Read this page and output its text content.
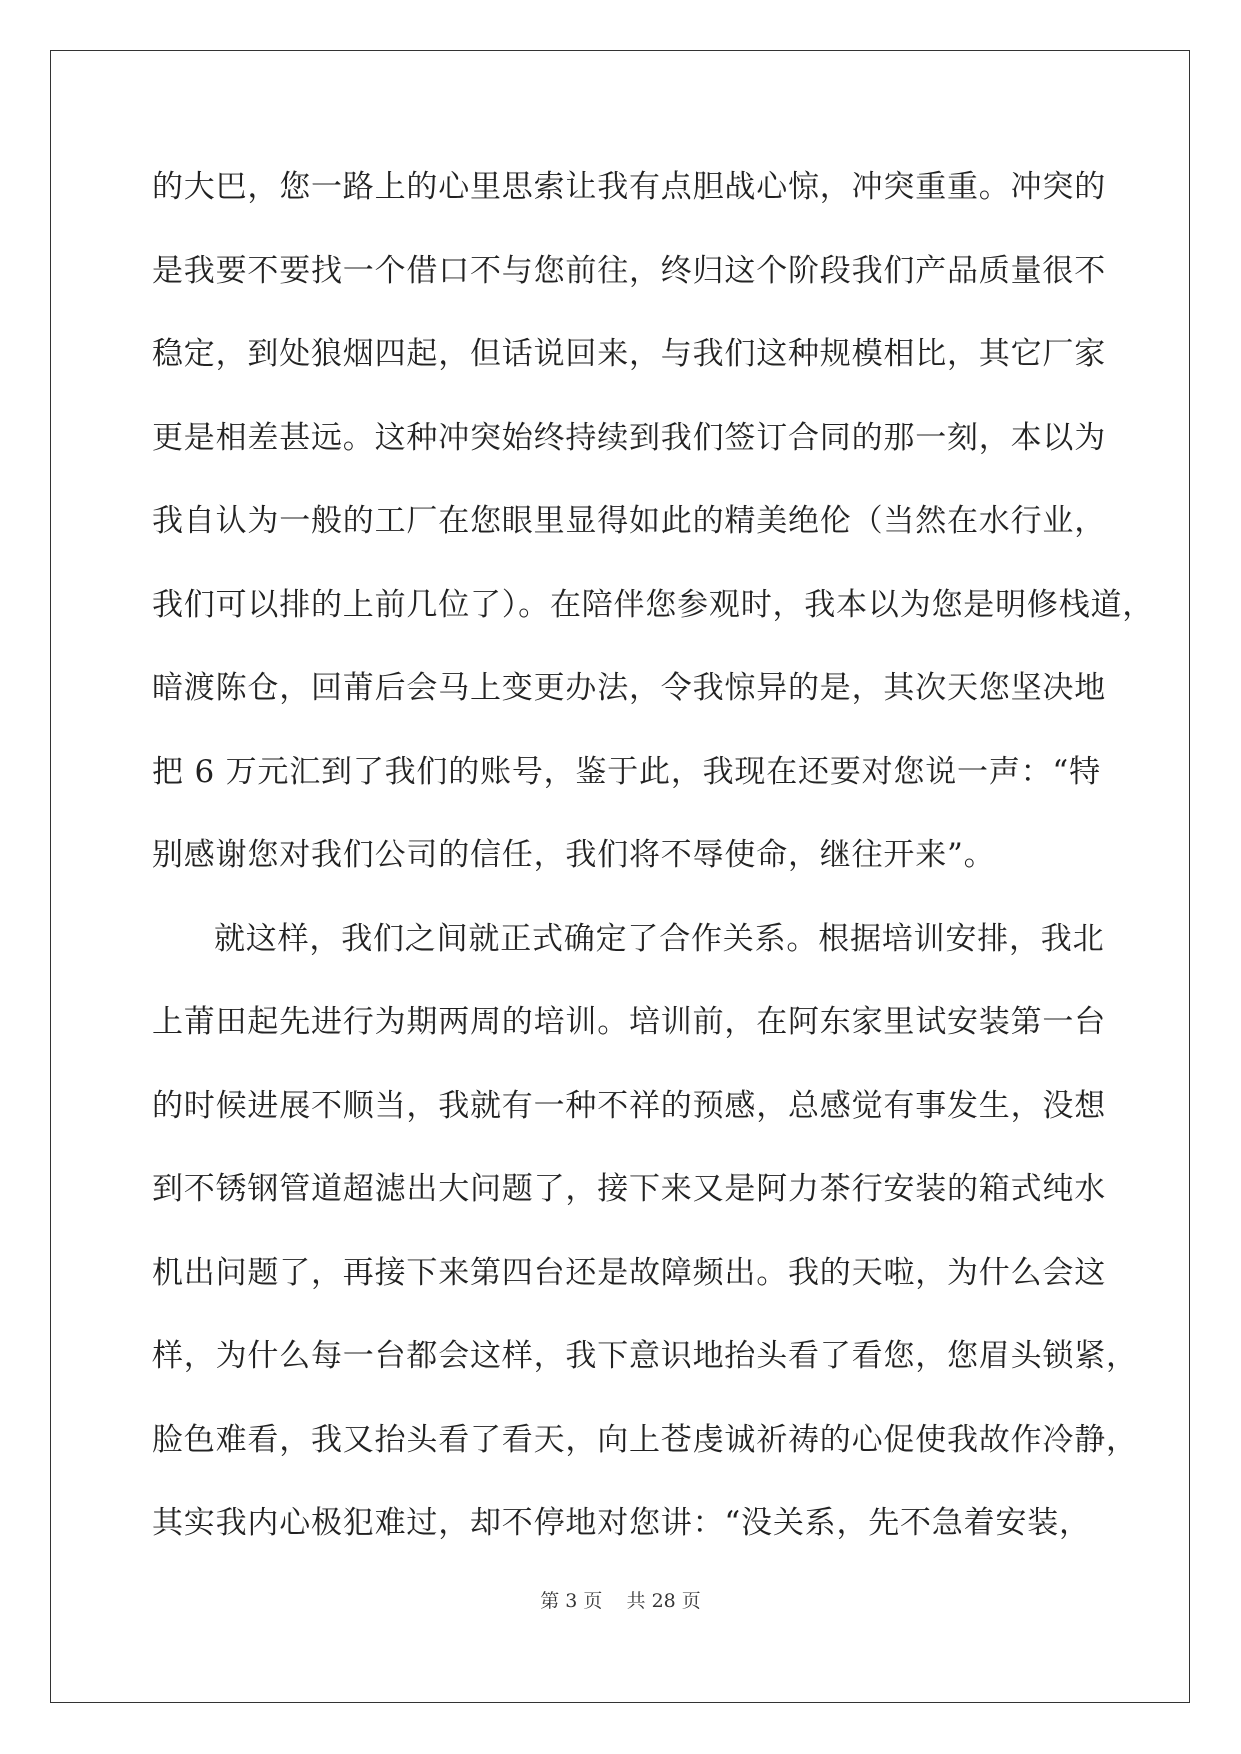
的大巴，您一路上的心里思索让我有点胆战心惊，冲突重重。冲突的
是我要不要找一个借口不与您前往，终归这个阶段我们产品质量很不
稳定，到处狼烟四起，但话说回来，与我们这种规模相比，其它厂家
更是相差甚远。这种冲突始终持续到我们签订合同的那一刻，本以为
我自认为一般的工厂在您眼里显得如此的精美绝伦（当然在水行业，
我们可以排的上前几位了）。在陪伴您参观时，我本以为您是明修栈道，
暗渡陈仓，回莆后会马上变更办法，令我惊异的是，其次天您坚决地
把 6 万元汇到了我们的账号，鉴于此，我现在还要对您说一声：“特
别感谢您对我们公司的信任，我们将不辱使命，继往开来”。
就这样，我们之间就正式确定了合作关系。根据培训安排，我北
上莆田起先进行为期两周的培训。培训前，在阿东家里试安装第一台
的时候进展不顺当，我就有一种不祥的预感，总感觉有事发生，没想
到不锈钢管道超滤出大问题了，接下来又是阿力茶行安装的箱式纯水
机出问题了，再接下来第四台还是故障频出。我的天啦，为什么会这
样，为什么每一台都会这样，我下意识地抬头看了看您，您眉头锁紧，
脸色难看，我又抬头看了看天，向上苍虔诚祈祷的心促使我故作冷静，
其实我内心极犯难过，却不停地对您讲：“没关系，先不急着安装，
第 3 页 共 28 页
